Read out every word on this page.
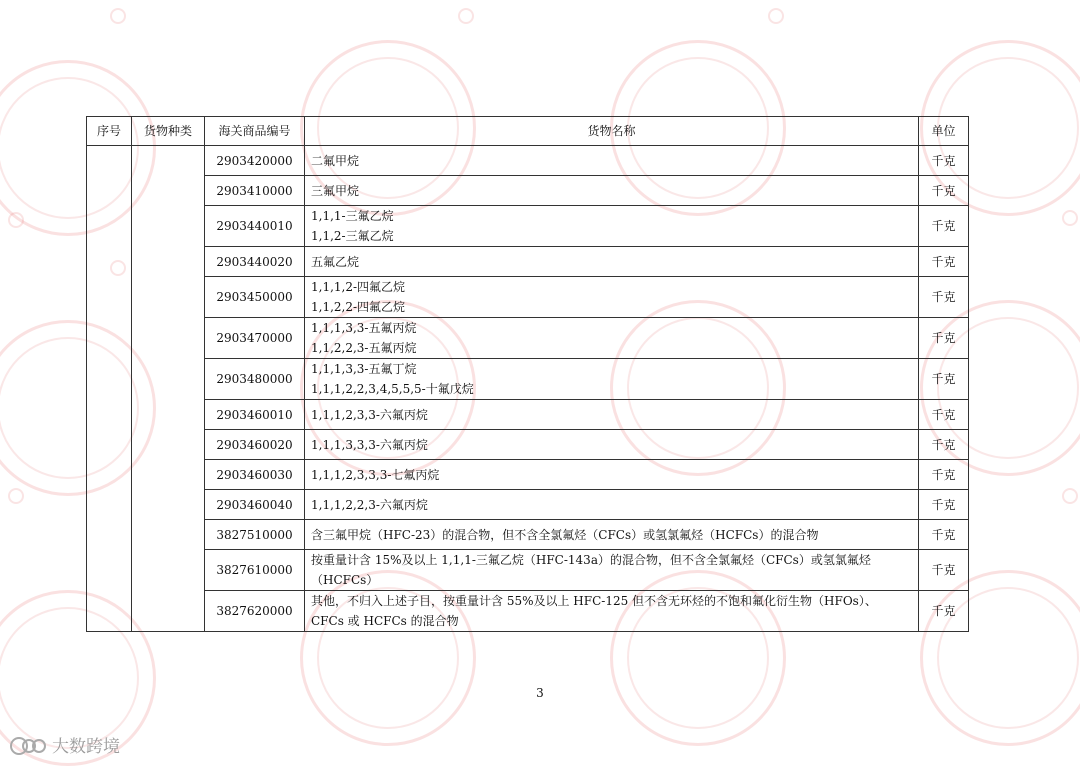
序号	货物种类	海关商品编号	货物名称	单位
		2903420000	二氟甲烷	千克
		2903410000	三氟甲烷	千克
		2903440010	1,1,1-三氟乙烷
1,1,2-三氟乙烷	千克
		2903440020	五氟乙烷	千克
		2903450000	1,1,1,2-四氟乙烷
1,1,2,2-四氟乙烷	千克
		2903470000	1,1,1,3,3-五氟丙烷
1,1,2,2,3-五氟丙烷	千克
		2903480000	1,1,1,3,3-五氟丁烷
1,1,1,2,2,3,4,5,5,5-十氟戊烷	千克
		2903460010	1,1,1,2,3,3-六氟丙烷	千克
		2903460020	1,1,1,3,3,3-六氟丙烷	千克
		2903460030	1,1,1,2,3,3,3-七氟丙烷	千克
		2903460040	1,1,1,2,2,3-六氟丙烷	千克
		3827510000	含三氟甲烷（HFC-23）的混合物，但不含全氯氟烃（CFCs）或氢氯氟烃（HCFCs）的混合物	千克
		3827610000	按重量计含 15%及以上 1,1,1-三氟乙烷（HFC-143a）的混合物，但不含全氯氟烃（CFCs）或氢氯氟烃
（HCFCs）	千克
		3827620000	其他，不归入上述子目，按重量计含 55%及以上 HFC-125 但不含无环烃的不饱和氟化衍生物（HFOs）、
CFCs 或 HCFCs 的混合物	千克
3
大数跨境
